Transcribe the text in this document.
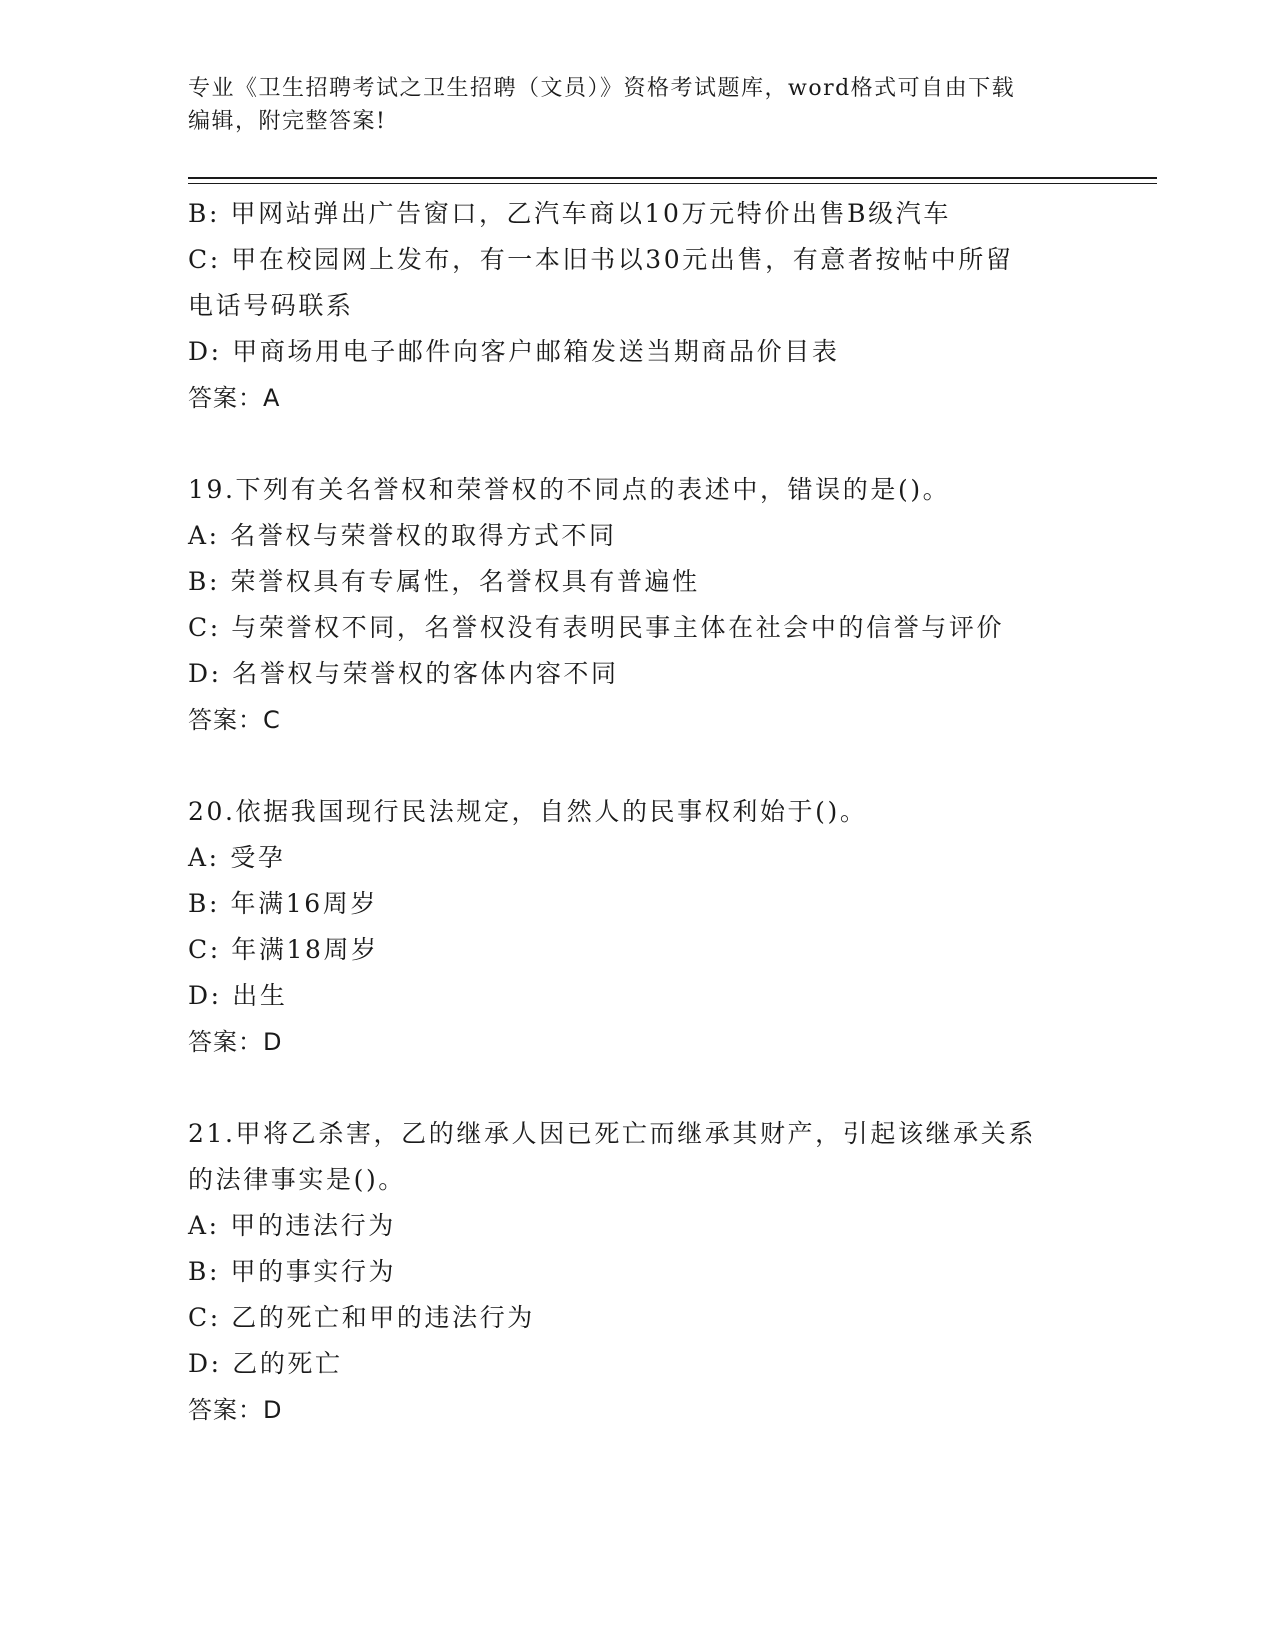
专业《卫生招聘考试之卫生招聘（文员）》资格考试题库，word格式可自由下载
编辑，附完整答案!
B: 甲网站弹出广告窗口，乙汽车商以10万元特价出售B级汽车
C: 甲在校园网上发布，有一本旧书以30元出售，有意者按帖中所留
电话号码联系
D: 甲商场用电子邮件向客户邮箱发送当期商品价目表
答案：A
19.下列有关名誉权和荣誉权的不同点的表述中，错误的是()。
A: 名誉权与荣誉权的取得方式不同
B: 荣誉权具有专属性，名誉权具有普遍性
C: 与荣誉权不同，名誉权没有表明民事主体在社会中的信誉与评价
D: 名誉权与荣誉权的客体内容不同
答案：C
20.依据我国现行民法规定，自然人的民事权利始于()。
A: 受孕
B: 年满16周岁
C: 年满18周岁
D: 出生
答案：D
21.甲将乙杀害，乙的继承人因已死亡而继承其财产，引起该继承关系
的法律事实是()。
A: 甲的违法行为
B: 甲的事实行为
C: 乙的死亡和甲的违法行为
D: 乙的死亡
答案：D
